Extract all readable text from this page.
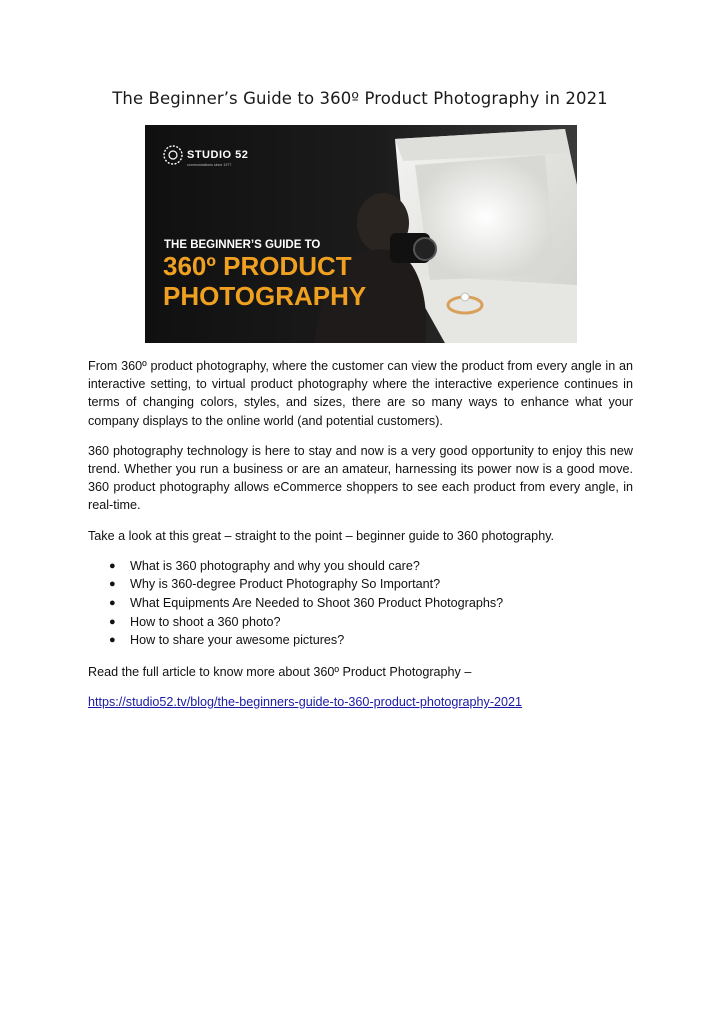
The Beginner’s Guide to 360º Product Photography in 2021
STUDIO 52
communications since 1977
THE BEGINNER’S GUIDE TO
360º PRODUCT
PHOTOGRAPHY

From 360º product photography, where the customer can view the product from every angle in an interactive setting, to virtual product photography where the interactive experience continues in terms of changing colors, styles, and sizes, there are so many ways to enhance what your company displays to the online world (and potential customers).

360 photography technology is here to stay and now is a very good opportunity to enjoy this new trend. Whether you run a business or are an amateur, harnessing its power now is a good move. 360 product photography allows eCommerce shoppers to see each product from every angle, in real-time.

Take a look at this great – straight to the point – beginner guide to 360 photography.

● What is 360 photography and why you should care?
● Why is 360-degree Product Photography So Important?
● What Equipments Are Needed to Shoot 360 Product Photographs?
● How to shoot a 360 photo?
● How to share your awesome pictures?

Read the full article to know more about 360º Product Photography –

https://studio52.tv/blog/the-beginners-guide-to-360-product-photography-2021
